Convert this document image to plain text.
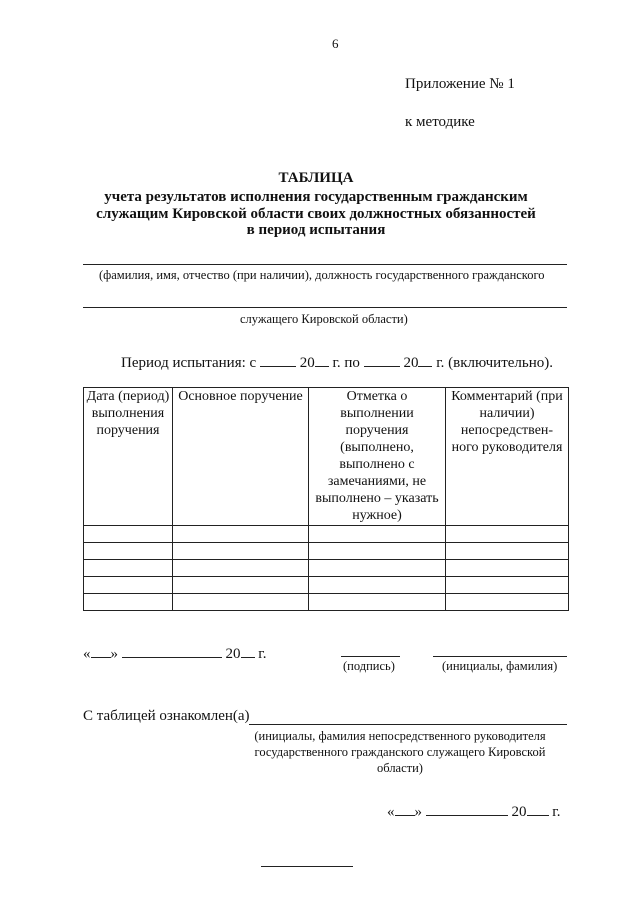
6
Приложение № 1
к методике
ТАБЛИЦА
учета результатов исполнения государственным гражданским
служащим Кировской области своих должностных обязанностей
в период испытания
(фамилия, имя, отчество (при наличии), должность государственного гражданского
служащего Кировской области)
Период испытания: с	20 г. по	20 г. (включительно).
Дата (период) выполнения поручения	Основное поручение	Отметка о выполнении поручения (выполнено, выполнено с замечаниями, не выполнено – указать нужное)	Комментарий (при наличии) непосредствен-ного руководителя

« »	20 г.
(подпись)	(инициалы, фамилия)
С таблицей ознакомлен(а)
(инициалы, фамилия непосредственного руководителя государственного гражданского служащего Кировской области)
« »	20 г.
